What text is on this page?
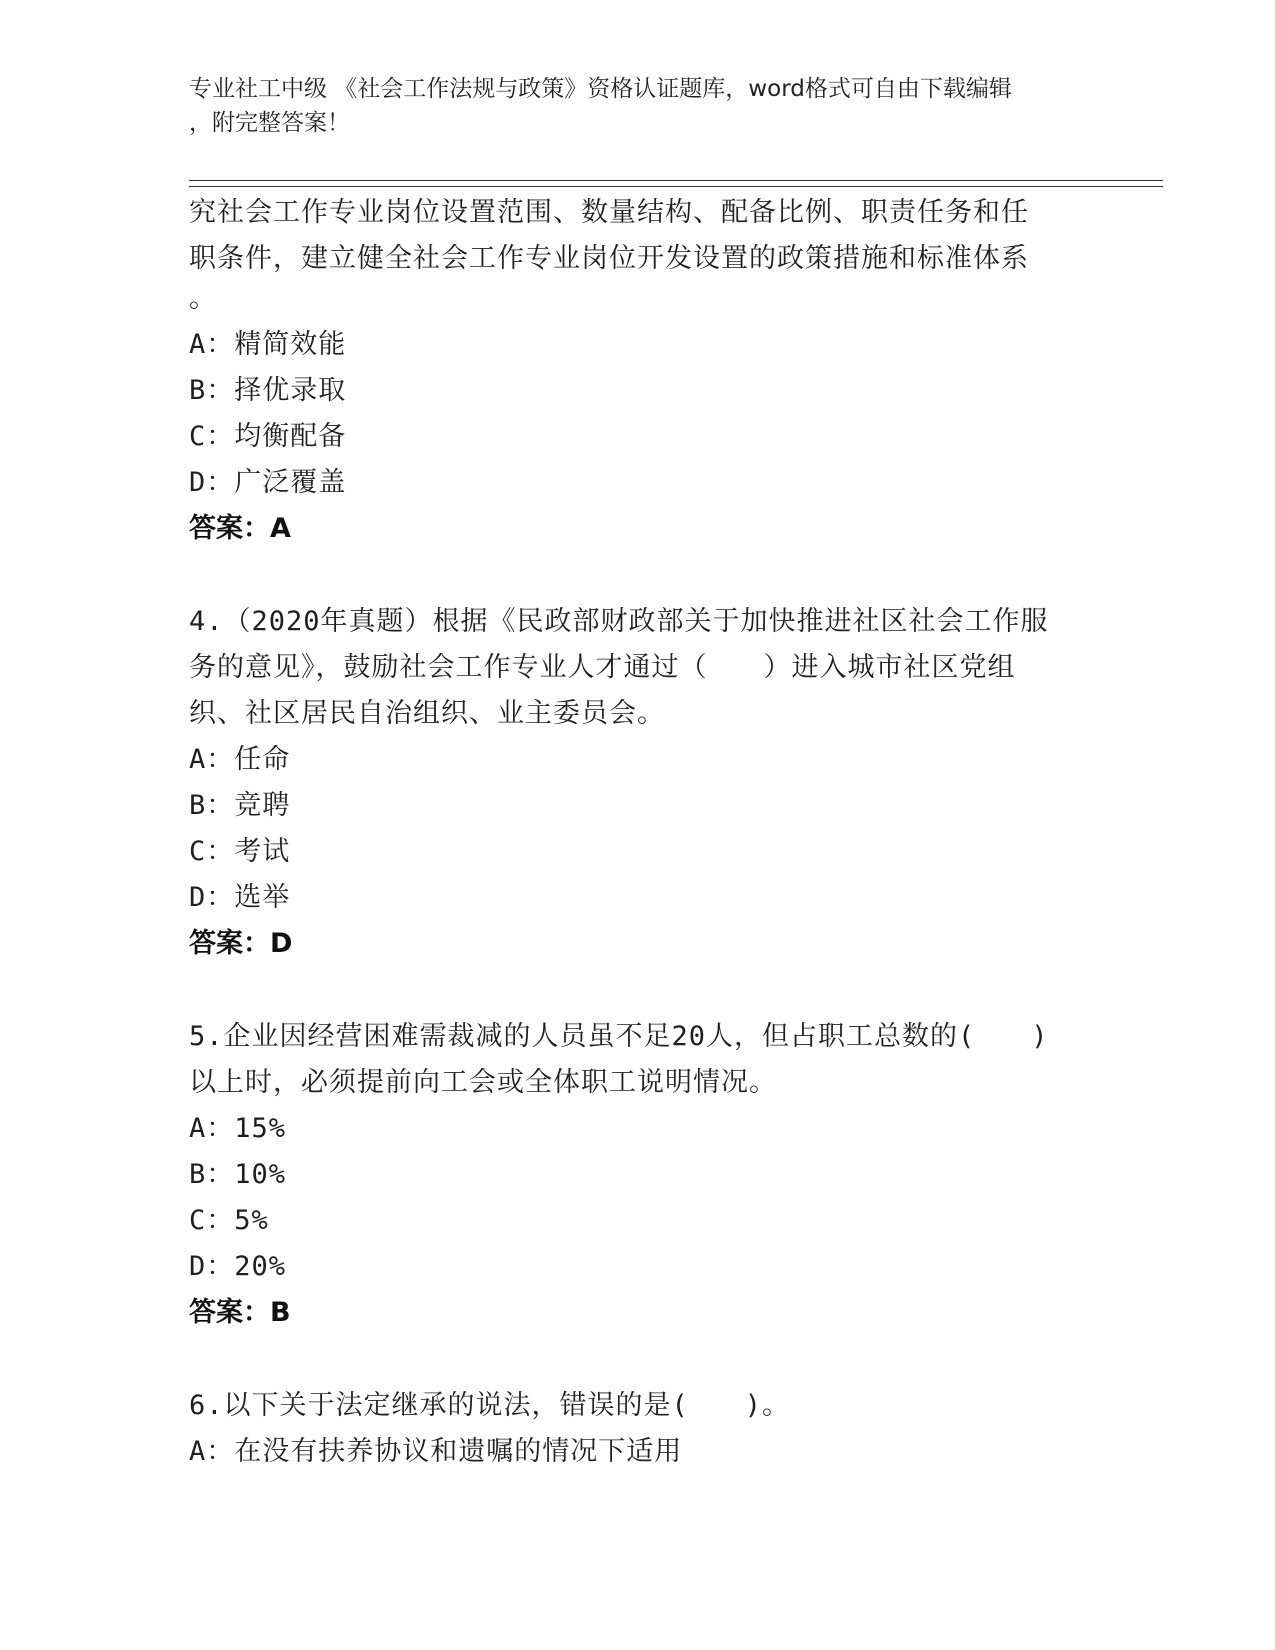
专业社工中级 《社会工作法规与政策》资格认证题库，word格式可自由下载编辑
，附完整答案！
究社会工作专业岗位设置范围、数量结构、配备比例、职责任务和任
职条件，建立健全社会工作专业岗位开发设置的政策措施和标准体系
。
A：精简效能
B：择优录取
C：均衡配备
D：广泛覆盖
答案：A
4.（2020年真题）根据《民政部财政部关于加快推进社区社会工作服
务的意见》，鼓励社会工作专业人才通过（　　）进入城市社区党组
织、社区居民自治组织、业主委员会。
A：任命
B：竞聘
C：考试
D：选举
答案：D
5.企业因经营困难需裁减的人员虽不足20人，但占职工总数的(　　)
以上时，必须提前向工会或全体职工说明情况。
A：15%
B：10%
C：5%
D：20%
答案：B
6.以下关于法定继承的说法，错误的是(　　)。
A：在没有扶养协议和遗嘱的情况下适用
